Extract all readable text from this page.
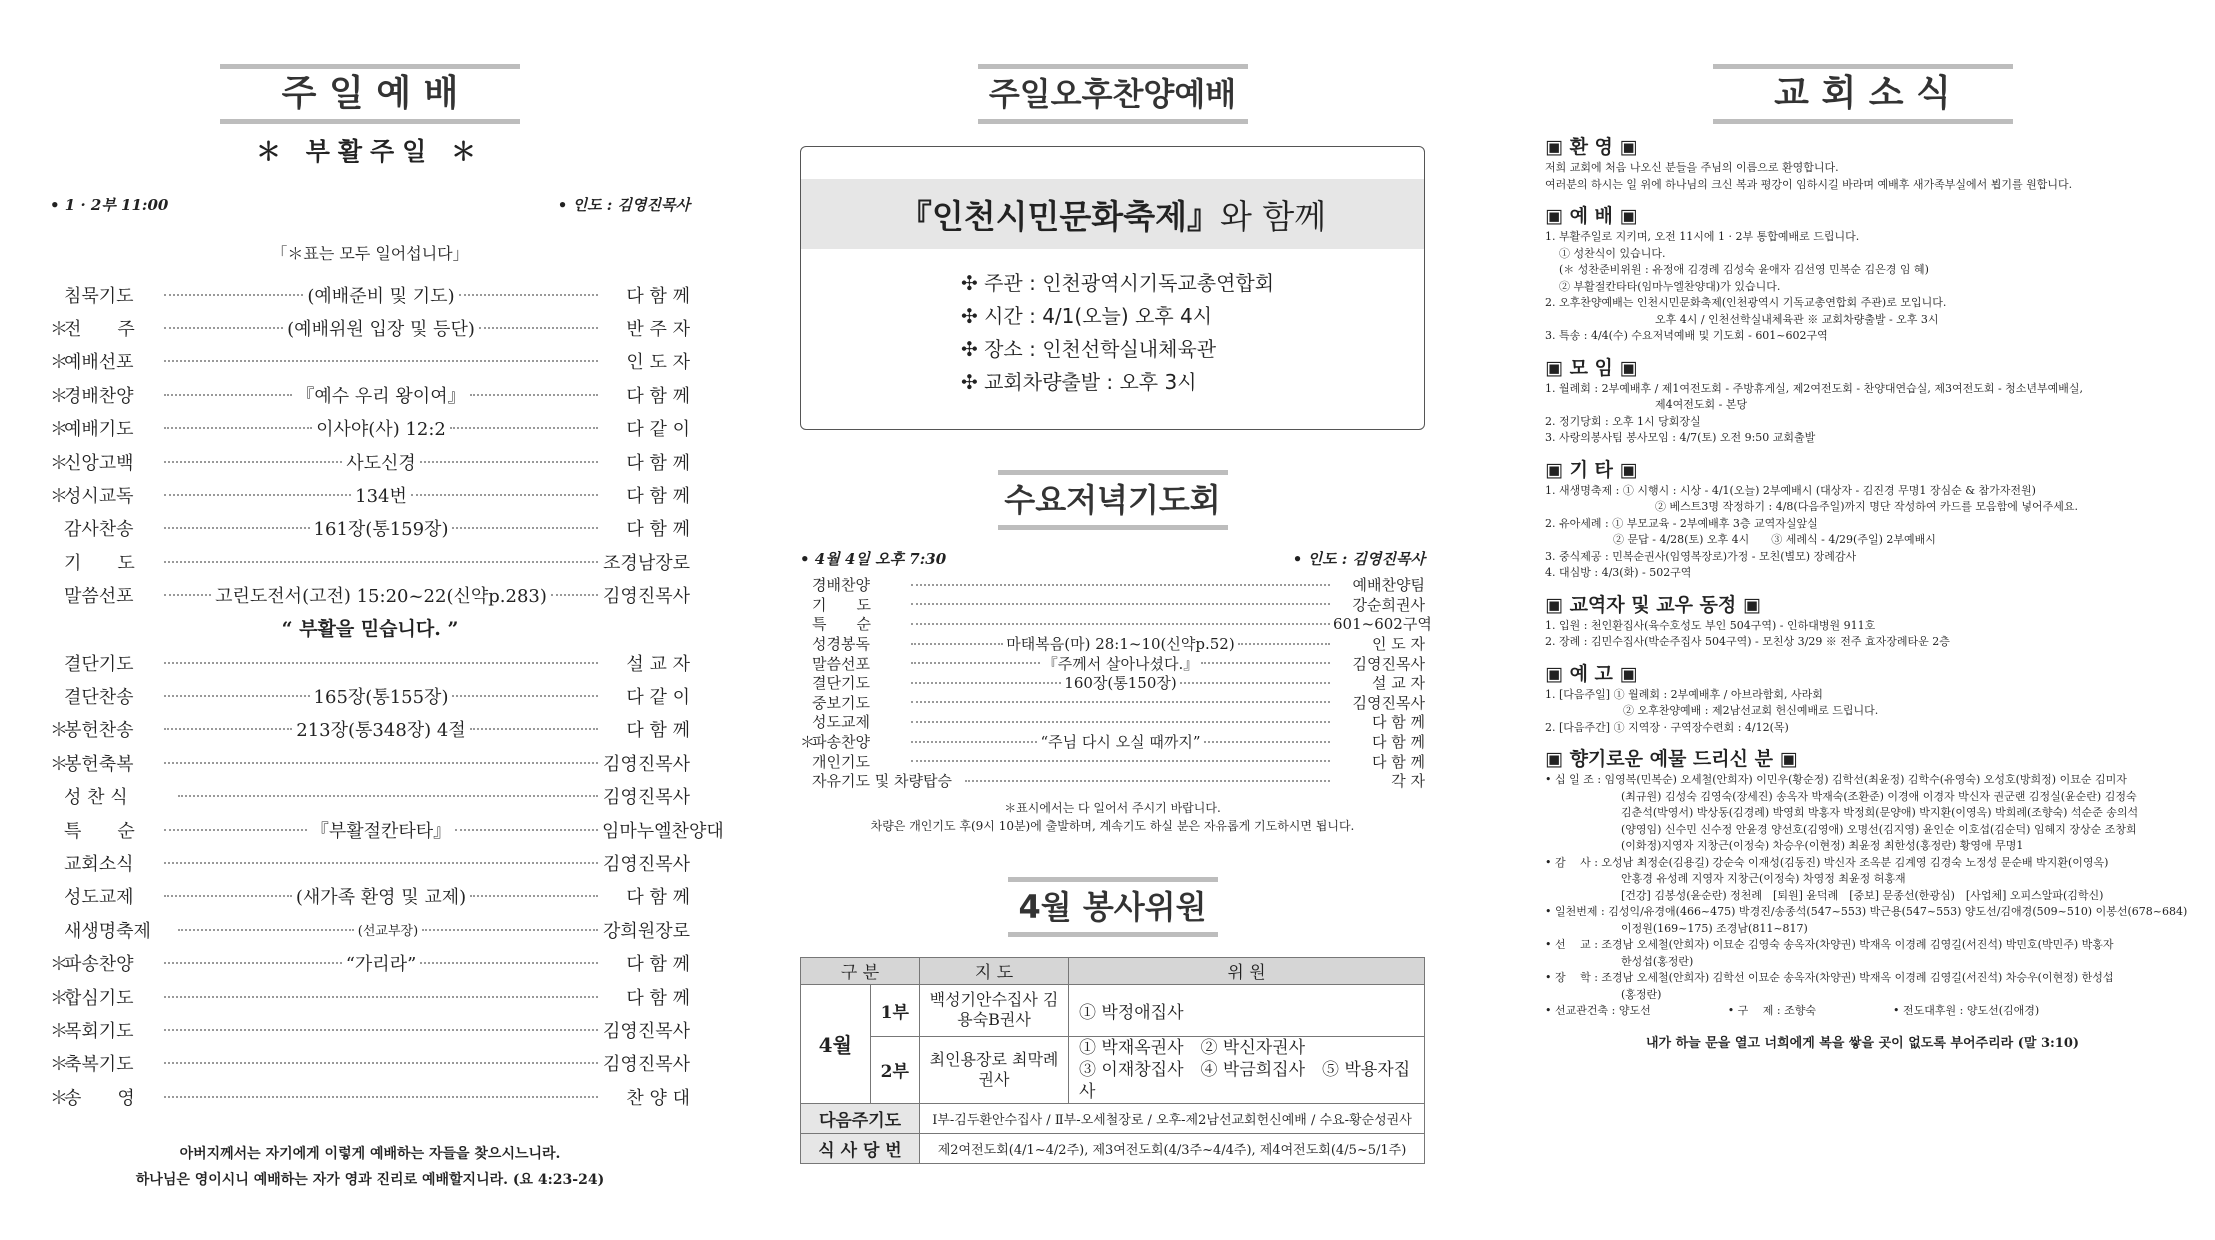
주 일 예 배
＊ 부활주일 ＊
• 1 · 2부 11:00	• 인도 : 김영진목사
「＊표는 모두 일어섭니다」
침묵기도	(예배준비 및 기도)	다 함 께
＊
전　　주	(예배위원 입장 및 등단)	반 주 자
＊
예배선포	인 도 자
＊
경배찬양	『예수 우리 왕이여』	다 함 께
＊
예배기도	이사야(사) 12:2	다 같 이
＊
신앙고백	사도신경	다 함 께
＊
성시교독	134번	다 함 께
감사찬송	161장(통159장)	다 함 께
기　　도	조경남장로
말씀선포	고린도전서(고전) 15:20~22(신약p.283)	김영진목사
“ 부활을 믿습니다. ”
결단기도	설 교 자
결단찬송	165장(통155장)	다 같 이
＊
봉헌찬송	213장(통348장) 4절	다 함 께
＊
봉헌축복	김영진목사
성 찬 식	김영진목사
특　　순	『부활절칸타타』	임마누엘찬양대
교회소식	김영진목사
성도교제	(새가족 환영 및 교제)	다 함 께
새생명축제	(선교부장)	강희원장로
＊
파송찬양	“가리라”	다 함 께
＊
합심기도	다 함 께
＊
목회기도	김영진목사
＊
축복기도	김영진목사
＊
송　　영	찬 양 대
아버지께서는 자기에게 이렇게 예배하는 자들을 찾으시느니라.
하나님은 영이시니 예배하는 자가 영과 진리로 예배할지니라. (요 4:23-24)
주일오후찬양예배
『인천시민문화축제』 와 함께
✣ 주관 : 인천광역시기독교총연합회
✣ 시간 : 4/1(오늘) 오후 4시
✣ 장소 : 인천선학실내체육관
✣ 교회차량출발 : 오후 3시
수요저녁기도회
• 4월 4일 오후 7:30	• 인도 : 김영진목사
경배찬양	예배찬양팀
기　　도	강순희권사
특　　순	601~602구역
성경봉독	마태복음(마) 28:1~10(신약p.52)	인 도 자
말씀선포	『주께서 살아나셨다.』	김영진목사
결단기도	160장(통150장)	설 교 자
중보기도	김영진목사
성도교제	다 함 께
＊
파송찬양	“주님 다시 오실 때까지”	다 함 께
개인기도	다 함 께
자유기도 및 차량탑승	각 자
＊표시에서는 다 일어서 주시기 바랍니다.
차량은 개인기도 후(9시 10분)에 출발하며, 계속기도 하실 분은 자유롭게 기도하시면 됩니다.
4월 봉사위원
구 분		지 도	위 원
4월	1부	백성기안수집사 김용숙B권사	① 박정애집사
	2부	최인용장로 최막례권사	① 박재옥권사　② 박신자권사
③ 이재창집사　④ 박금희집사　⑤ 박용자집사

다음주기도		Ⅰ부-김두환안수집사 / Ⅱ부-오세철장로 / 오후-제2남선교회헌신예배 / 수요-황순성권사	
식 사 당 번		제2여전도회(4/1~4/2주), 제3여전도회(4/3주~4/4주), 제4여전도회(4/5~5/1주)	
교 회 소 식
▣ 환 영 ▣
저희 교회에 처음 나오신 분들을 주님의 이름으로 환영합니다.
여러분의 하시는 일 위에 하나님의 크신 복과 평강이 임하시길 바라며 예배후 새가족부실에서 뵙기를 원합니다.
▣ 예 배 ▣
1. 부활주일로 지키며, 오전 11시에 1 · 2부 통합예배로 드립니다.
① 성찬식이 있습니다.
(＊ 성찬준비위원 : 유정애 김경례 김성숙 윤애자 김선영 민복순 김은경 임 혜)
② 부활절칸타타(임마누엘찬양대)가 있습니다.
2. 오후찬양예배는 인천시민문화축제(인천광역시 기독교총연합회 주관)로 모입니다.
오후 4시 / 인천선학실내체육관 ※ 교회차량출발 - 오후 3시
3. 특송 : 4/4(수) 수요저녁예배 및 기도회 - 601~602구역
▣ 모 임 ▣
1. 월례회 : 2부예배후 / 제1여전도회 - 주방휴게실, 제2여전도회 - 찬양대연습실, 제3여전도회 - 청소년부예배실,
제4여전도회 - 본당
2. 정기당회 : 오후 1시 당회장실
3. 사랑의봉사팀 봉사모임 : 4/7(토) 오전 9:50 교회출발
▣ 기 타 ▣
1. 새생명축제 : ① 시행시 : 시상 - 4/1(오늘) 2부예배시 (대상자 - 김진경 무명1 장심순 & 참가자전원)
② 베스트3명 작정하기 : 4/8(다음주일)까지 명단 작성하여 카드를 모음함에 넣어주세요.
2. 유아세례 : ① 부모교육 - 2부예배후 3층 교역자실앞실
② 문답 - 4/28(토) 오후 4시　　③ 세례식 - 4/29(주일) 2부예배시
3. 중식제공 : 민복순권사(임영복장로)가정 - 모친(별모) 장례감사
4. 대심방 : 4/3(화) - 502구역
▣ 교역자 및 교우 동정 ▣
1. 입원 : 천인환집사(육수호성도 부인 504구역) - 인하대병원 911호
2. 장례 : 김민수집사(박순주집사 504구역) - 모친상 3/29 ※ 전주 효자장례타운 2층
▣ 예 고 ▣
1. [다음주일] ① 월례회 : 2부예배후 / 아브라함회, 사라회
② 오후찬양예배 : 제2남선교회 헌신예배로 드립니다.
2. [다음주간] ① 지역장 · 구역장수련회 : 4/12(목)
▣ 향기로운 예물 드리신 분 ▣
• 십 일 조 : 임영복(민복순) 오세철(안희자) 이민우(황순정) 김학선(최윤정) 김학수(유영숙) 오성호(방희정) 이묘순 김미자
(최규원) 김성숙 김영숙(장세진) 송옥자 박재숙(조환준) 이경애 이경자 박신자 권군랜 김정실(윤순란) 김정숙
김춘석(박영서) 박상동(김경례) 박영희 박홍자 박정희(문양애) 박지환(이영옥) 박희례(조향숙) 석순준 송의석
(양영임) 신수민 신수정 안윤경 양선호(김영애) 오명선(김지영) 윤인순 이호섭(김순덕) 임혜지 장상순 조창희
(이화정)지영자 지창근(이정숙) 차승우(이현정) 최윤정 최한성(홍정란) 황영애 무명1
• 감　 사 : 오성남 최정순(김용길) 강순숙 이재성(김동진) 박신자 조옥분 김계영 김경숙 노정성 문순배 박지환(이영옥)
안홍경 유성례 지영자 지창근(이정숙) 차영정 최윤정 허홍재
[건강] 김봉성(윤순란) 정천례　[퇴원] 윤덕례　[중보] 문종선(한광심)　[사업체] 오피스알파(김학신)
• 일천번제 : 김성익/유경애(466~475) 박경진/송종석(547~553) 박근용(547~553) 양도선/김애경(509~510) 이봉선(678~684)
이정원(169~175) 조경남(811~817)
• 선　 교 : 조경남 오세철(안희자) 이묘순 김영숙 송옥자(차양권) 박재옥 이경례 김영길(서진석) 박민호(박민주) 박홍자
한성섭(홍정란)
• 장　 학 : 조경남 오세철(안희자) 김학선 이묘순 송옥자(차양권) 박재옥 이경례 김영길(서진석) 차승우(이현정) 한성섭
(홍정란)
• 선교관건축 : 양도선　　　　　　　• 구　 제 : 조향숙　　　　　　　• 전도대후원 : 양도선(김애경)
내가 하늘 문을 열고 너희에게 복을 쌓을 곳이 없도록 부어주리라 (말 3:10)
